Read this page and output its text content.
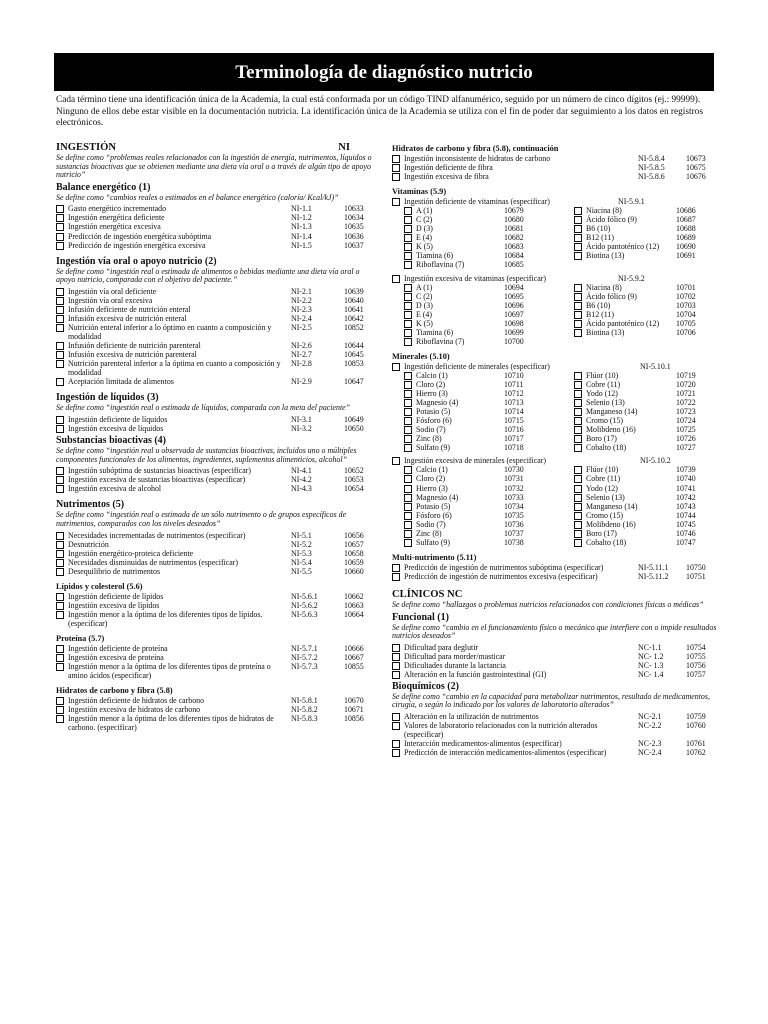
Terminología de diagnóstico nutricio
Cada término tiene una identificación única de la Academia, la cual está conformada por un código TIND alfanumérico, seguido por un número de cinco dígitos (ej.: 99999). Ninguno de ellos debe estar visible en la documentación nutricia. La identificación única de la Academia se utiliza con el fin de poder dar seguimiento a los datos en registros electrónicos.
INGESTIÓN	NI
Se define como “problemas reales relacionados con la ingestión de energía, nutrimentos, líquidos o sustancias bioactivas que se obtienen mediante una dieta vía oral o a través de algún tipo de apoyo nutricio”
Balance energético (1)
Se define como “cambios reales o estimados en el balance energético (caloría/ Kcal/kJ)”
Gasto energético incrementado	NI-1.1	10633
Ingestión energética deficiente	NI-1.2	10634
Ingestión energética excesiva	NI-1.3	10635
Predicción de ingestión energética subóptima	NI-1.4	10636
Predicción de ingestión energética excesiva	NI-1.5	10637
Ingestión vía oral o apoyo nutricio (2)
Se define como “ingestión real o estimada de alimentos o bebidas mediante una dieta vía oral o apoyo nutricio, comparada con el objetivo del paciente.”
Ingestión vía oral deficiente	NI-2.1	10639
Ingestión vía oral excesiva	NI-2.2	10640
Infusión deficiente de nutrición enteral	NI-2.3	10641
Infusión excesiva de nutrición enteral	NI-2.4	10642
Nutrición enteral inferior a lo óptimo en cuanto a composición y modalidad
NI-2.5	10852
Infusión deficiente de nutrición parenteral	NI-2.6	10644
Infusión excesiva de nutrición parenteral	NI-2.7	10645
Nutrición parenteral inferior a la óptima en cuanto a composición y modalidad
NI-2.8	10853
Aceptación limitada de alimentos	NI-2.9	10647
Ingestión de líquidos (3)
Se define como “ingestión real o estimada de líquidos, comparada con la meta del paciente”
Ingestión deficiente de líquidos	NI-3.1	10649
Ingestión excesiva de líquidos	NI-3.2	10650
Substancias bioactivas (4)
Se define como “ingestión real u observada de sustancias bioactivas, incluidos uno o múltiples componentes funcionales de los alimentos, ingredientes, suplementos alimenticios, alcohol”
Ingestión subóptima de sustancias bioactivas (especificar)	NI-4.1	10652
Ingestión excesiva de sustancias bioactivas (especificar)	NI-4.2	10653
Ingestión excesiva de alcohol	NI-4.3	10654
Nutrimentos (5)
Se define como “ingestión real o estimada de un sólo nutrimento o de grupos específicos de nutrimentos, comparados con los niveles deseados”
Necesidades incrementadas de nutrimentos (especificar)	NI-5.1	10656
Desnutrición	NI-5.2	10657
Ingestión energético-proteica deficiente	NI-5.3	10658
Necesidades disminuidas de nutrimentos (especificar)	NI-5.4	10659
Desequilibrio de nutrimentos	NI-5.5	10660
Lípidos y colesterol (5.6)
Ingestión deficiente de lípidos	NI-5.6.1	10662
Ingestión excesiva de lípidos	NI-5.6.2	10663
Ingestión menor a la óptima de los diferentes tipos de lípidos. (especificar)
NI-5.6.3	10664
Proteína (5.7)
Ingestión deficiente de proteína	NI-5.7.1	10666
Ingestión excesiva de proteína	NI-5.7.2	10667
Ingestión menor a la óptima de los diferentes tipos de proteína o amino ácidos (especificar)
NI-5.7.3	10855
Hidratos de carbono y fibra (5.8)
Ingestión deficiente de hidratos de carbono	NI-5.8.1	10670
Ingestión excesiva de hidratos de carbono	NI-5.8.2	10671
Ingestión menor a la óptima de los diferentes tipos de hidratos de carbono. (especificar)
NI-5.8.3	10856
Hidratos de carbono y fibra (5.8), continuación
Ingestión inconsistente de hidratos de carbono	NI-5.8.4	10673
Ingestión deficiente de fibra	NI-5.8.5	10675
Ingestión excesiva de fibra	NI-5.8.6	10676
Vitaminas (5.9)
Ingestión deficiente de vitaminas (especificar)	NI-5.9.1
A (1)	10679	Niacina (8)	10686
C (2)	10680	Ácido fólico (9)	10687
D (3)	10681	B6 (10)	10688
E (4)	10682	B12 (11)	10689
K (5)	10683	Ácido pantoténico (12)	10690
Tiamina (6)	10684	Biotina (13)	10691
Riboflavina (7)	10685
Ingestión excesiva de vitaminas (especificar)	NI-5.9.2
A (1)	10694	Niacina (8)	10701
C (2)	10695	Ácido fólico (9)	10702
D (3)	10696	B6 (10)	10703
E (4)	10697	B12 (11)	10704
K (5)	10698	Ácido pantoténico (12)	10705
Tiamina (6)	10699	Biotina (13)	10706
Riboflavina (7)	10700
Minerales (5.10)
Ingestión deficiente de minerales (especificar)	NI-5.10.1
Calcio (1)	10710	Flúor (10)	10719
Cloro (2)	10711	Cobre (11)	10720
Hierro (3)	10712	Yodo (12)	10721
Magnesio (4)	10713	Selenio (13)	10722
Potasio (5)	10714	Manganeso (14)	10723
Fósforo (6)	10715	Cromo (15)	10724
Sodio (7)	10716	Molibdeno (16)	10725
Zinc (8)	10717	Boro (17)	10726
Sulfato (9)	10718	Cobalto (18)	10727
Ingestión excesiva de minerales (especificar)	NI-5.10.2
Calcio (1)	10730	Flúor (10)	10739
Cloro (2)	10731	Cobre (11)	10740
Hierro (3)	10732	Yodo (12)	10741
Magnesio (4)	10733	Selenio (13)	10742
Potasio (5)	10734	Manganeso (14)	10743
Fósforo (6)	10735	Cromo (15)	10744
Sodio (7)	10736	Molibdeno (16)	10745
Zinc (8)	10737	Boro (17)	10746
Sulfato (9)	10738	Cobalto (18)	10747
Multi-nutrimento (5.11)
Predicción de ingestión de nutrimentos subóptima (especificar)	NI-5.11.1	10750
Predicción de ingestión de nutrimentos excesiva (especificar)	NI-5.11.2	10751
CLÍNICOS NC
Se define como “hallazgos o problemas nutricios relacionados con condiciones físicas o médicas”
Funcional (1)
Se define como “cambio en el funcionamiento físico o mecánico que interfiere con o impide resultados nutricios deseados”
Dificultad para deglutir	NC-1.1	10754
Dificultad para morder/masticar	NC- 1.2	10755
Dificultades durante la lactancia	NC- 1.3	10756
Alteración en la función gastrointestinal (GI)	NC- 1.4	10757
Bioquímicos (2)
Se define como “cambio en la capacidad para metabolizar nutrimentos, resultado de medicamentos, cirugía, o según lo indicado por los valores de laboratorio alterados”
Alteración en la utilización de nutrimentos	NC-2.1	10759
Valores de laboratorio relacionados con la nutrición alterados (especificar)
NC-2.2	10760
Interacción medicamentos-alimentos (especificar)	NC-2.3	10761
Predicción de interacción medicamentos-alimentos (especificar)	NC-2.4	10762
